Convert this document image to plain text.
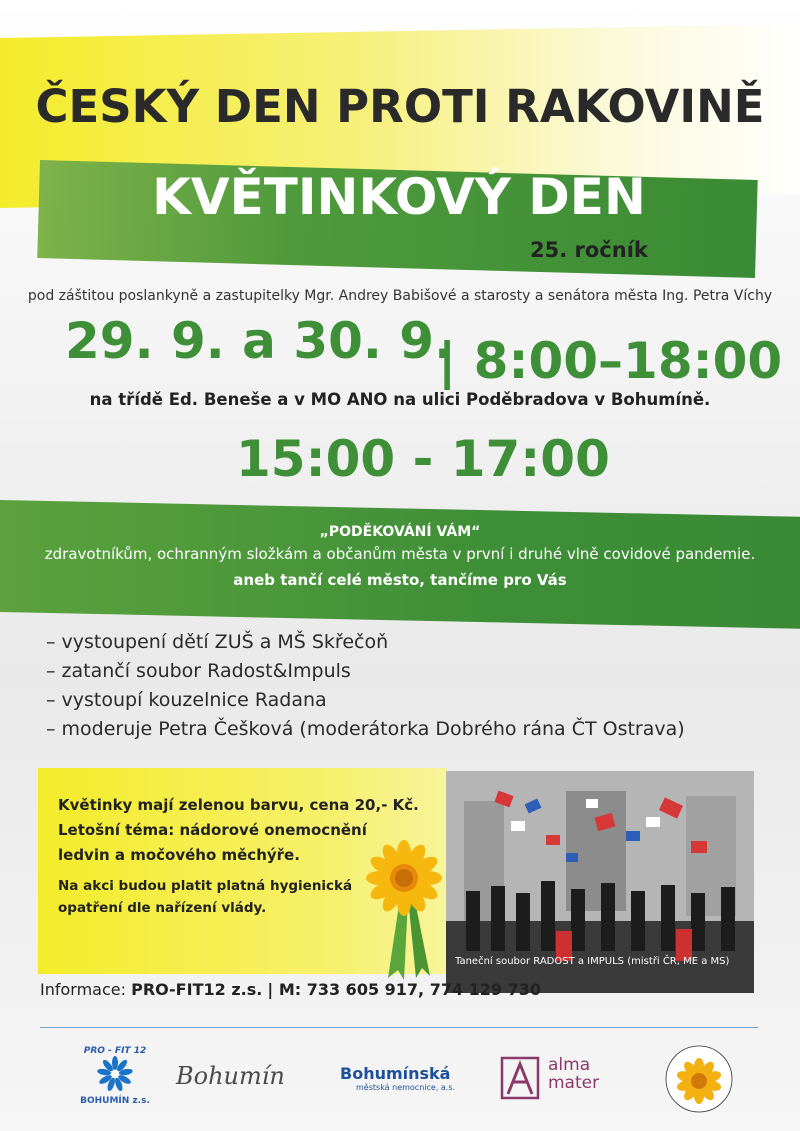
ČESKÝ DEN PROTI RAKOVINĚ
KVĚTINKOVÝ DEN
25. ročník
pod záštitou poslankyně a zastupitelky Mgr. Andrey Babišové a starosty a senátora města Ing. Petra Víchy
29. 9. a 30. 9.
| 8:00–18:00
na třídě Ed. Beneše a v MO ANO na ulici Poděbradova v Bohumíně.
15:00 - 17:00
„PODĚKOVÁNÍ VÁM“
zdravotníkům, ochranným složkám a občanům města v první i druhé vlně covidové pandemie.
aneb tančí celé město, tančíme pro Vás
– vystoupení dětí ZUŠ a MŠ Skřečoň
– zatančí soubor Radost&Impuls
– vystoupí kouzelnice Radana
– moderuje Petra Češková (moderátorka Dobrého rána ČT Ostrava)
Květinky mají zelenou barvu, cena 20,- Kč.
Letošní téma: nádorové onemocnění
ledvin a močového měchýře.
Na akci budou platit platná hygienická
opatření dle nařízení vlády.
Taneční soubor RADOST a IMPULS (mistři ČR, ME a MS)
Informace: PRO-FIT12 z.s. | M: 733 605 917, 774 129 730
PRO - FIT 12
BOHUMÍN z.s.
Bohumín	Bohumínská
městská nemocnice, a.s.
alma
mater
